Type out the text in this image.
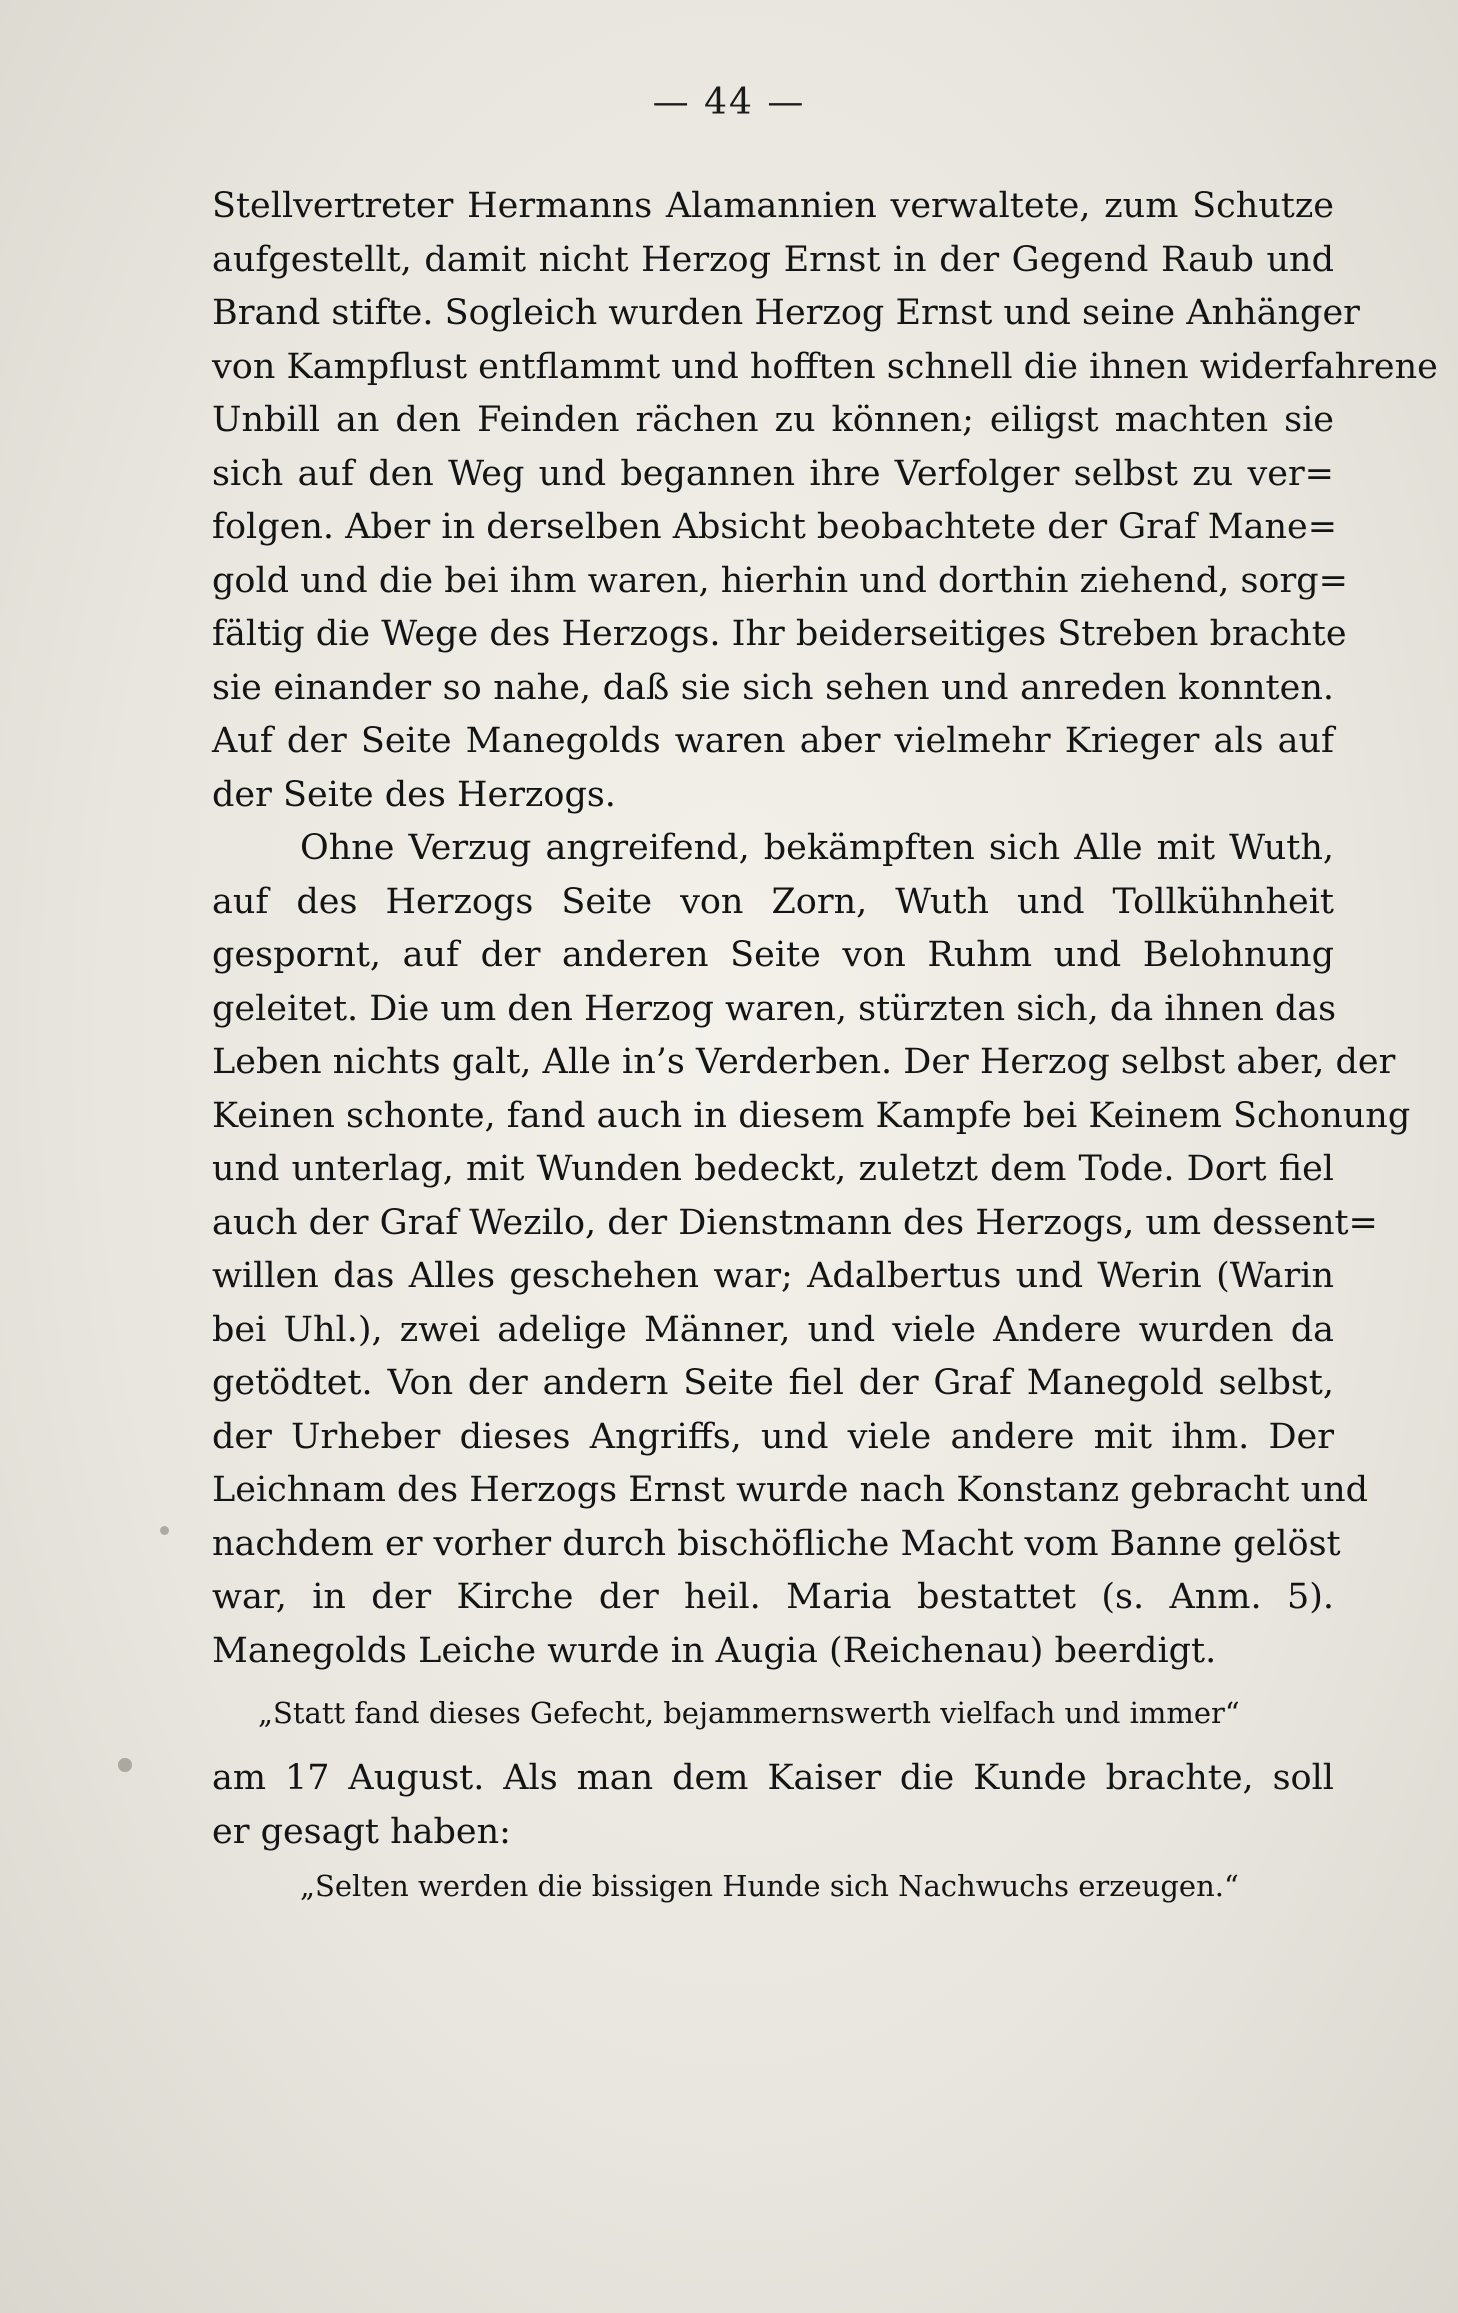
— 44 —
Stellvertreter Hermanns Alamannien verwaltete, zum Schutze
aufgestellt, damit nicht Herzog Ernst in der Gegend Raub und
Brand stifte. Sogleich wurden Herzog Ernst und seine Anhänger
von Kampflust entflammt und hofften schnell die ihnen widerfahrene
Unbill an den Feinden rächen zu können; eiligst machten sie
sich auf den Weg und begannen ihre Verfolger selbst zu ver=
folgen. Aber in derselben Absicht beobachtete der Graf Mane=
gold und die bei ihm waren, hierhin und dorthin ziehend, sorg=
fältig die Wege des Herzogs. Ihr beiderseitiges Streben brachte
sie einander so nahe, daß sie sich sehen und anreden konnten.
Auf der Seite Manegolds waren aber vielmehr Krieger als auf
der Seite des Herzogs.
Ohne Verzug angreifend, bekämpften sich Alle mit Wuth,
auf des Herzogs Seite von Zorn, Wuth und Tollkühnheit
gespornt, auf der anderen Seite von Ruhm und Belohnung
geleitet. Die um den Herzog waren, stürzten sich, da ihnen das
Leben nichts galt, Alle in’s Verderben. Der Herzog selbst aber, der
Keinen schonte, fand auch in diesem Kampfe bei Keinem Schonung
und unterlag, mit Wunden bedeckt, zuletzt dem Tode. Dort fiel
auch der Graf Wezilo, der Dienstmann des Herzogs, um dessent=
willen das Alles geschehen war; Adalbertus und Werin (Warin
bei Uhl.), zwei adelige Männer, und viele Andere wurden da
getödtet. Von der andern Seite fiel der Graf Manegold selbst,
der Urheber dieses Angriffs, und viele andere mit ihm. Der
Leichnam des Herzogs Ernst wurde nach Konstanz gebracht und
nachdem er vorher durch bischöfliche Macht vom Banne gelöst
war, in der Kirche der heil. Maria bestattet (s. Anm. 5).
Manegolds Leiche wurde in Augia (Reichenau) beerdigt.
„Statt fand dieses Gefecht, bejammernswerth vielfach und immer“
am 17 August. Als man dem Kaiser die Kunde brachte, soll
er gesagt haben:
„Selten werden die bissigen Hunde sich Nachwuchs erzeugen.“
